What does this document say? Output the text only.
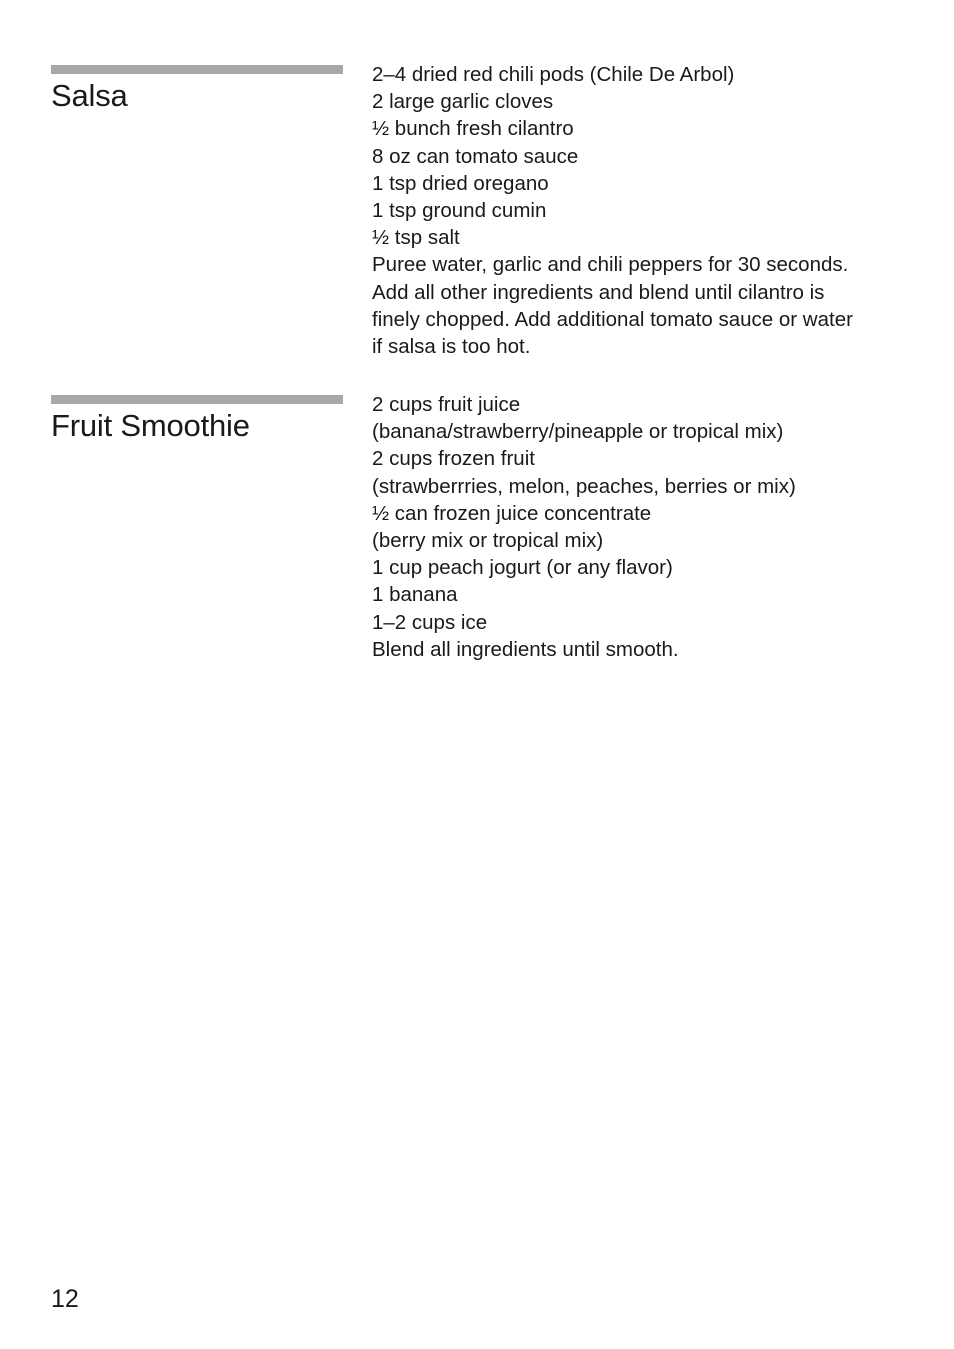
Salsa
2–4 dried red chili pods (Chile De Arbol)
2 large garlic cloves
½ bunch fresh cilantro
8 oz can tomato sauce
1 tsp dried oregano
1 tsp ground cumin
½ tsp salt
Puree water, garlic and chili peppers for 30 seconds.
Add all other ingredients and blend until cilantro is
finely chopped. Add additional tomato sauce or water
if salsa is too hot.
Fruit Smoothie
2 cups fruit juice
(banana/strawberry/pineapple or tropical mix)
2 cups frozen fruit
(strawberrries, melon, peaches, berries or mix)
½ can frozen juice concentrate
(berry mix or tropical mix)
1 cup peach jogurt (or any flavor)
1 banana
1–2 cups ice
Blend all ingredients until smooth.
12
